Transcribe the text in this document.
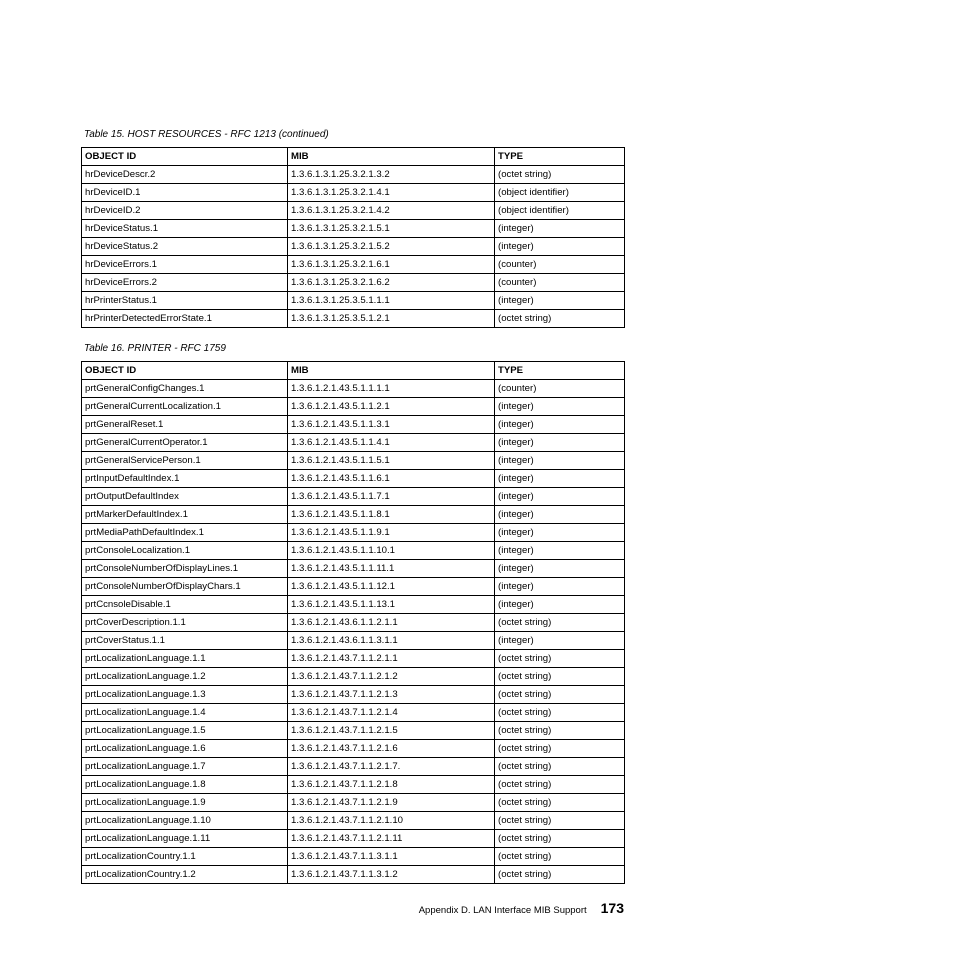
Table 15. HOST RESOURCES - RFC 1213 (continued)
OBJECT ID	MIB	TYPE
hrDeviceDescr.2	1.3.6.1.3.1.25.3.2.1.3.2	(octet string)
hrDeviceID.1	1.3.6.1.3.1.25.3.2.1.4.1	(object identifier)
hrDeviceID.2	1.3.6.1.3.1.25.3.2.1.4.2	(object identifier)
hrDeviceStatus.1	1.3.6.1.3.1.25.3.2.1.5.1	(integer)
hrDeviceStatus.2	1.3.6.1.3.1.25.3.2.1.5.2	(integer)
hrDeviceErrors.1	1.3.6.1.3.1.25.3.2.1.6.1	(counter)
hrDeviceErrors.2	1.3.6.1.3.1.25.3.2.1.6.2	(counter)
hrPrinterStatus.1	1.3.6.1.3.1.25.3.5.1.1.1	(integer)
hrPrinterDetectedErrorState.1	1.3.6.1.3.1.25.3.5.1.2.1	(octet string)
Table 16. PRINTER - RFC 1759
OBJECT ID	MIB	TYPE
prtGeneralConfigChanges.1	1.3.6.1.2.1.43.5.1.1.1.1	(counter)
prtGeneralCurrentLocalization.1	1.3.6.1.2.1.43.5.1.1.2.1	(integer)
prtGeneralReset.1	1.3.6.1.2.1.43.5.1.1.3.1	(integer)
prtGeneralCurrentOperator.1	1.3.6.1.2.1.43.5.1.1.4.1	(integer)
prtGeneralServicePerson.1	1.3.6.1.2.1.43.5.1.1.5.1	(integer)
prtInputDefaultIndex.1	1.3.6.1.2.1.43.5.1.1.6.1	(integer)
prtOutputDefaultIndex	1.3.6.1.2.1.43.5.1.1.7.1	(integer)
prtMarkerDefaultIndex.1	1.3.6.1.2.1.43.5.1.1.8.1	(integer)
prtMediaPathDefaultIndex.1	1.3.6.1.2.1.43.5.1.1.9.1	(integer)
prtConsoleLocalization.1	1.3.6.1.2.1.43.5.1.1.10.1	(integer)
prtConsoleNumberOfDisplayLines.1	1.3.6.1.2.1.43.5.1.1.11.1	(integer)
prtConsoleNumberOfDisplayChars.1	1.3.6.1.2.1.43.5.1.1.12.1	(integer)
prtCcnsoleDisable.1	1.3.6.1.2.1.43.5.1.1.13.1	(integer)
prtCoverDescription.1.1	1.3.6.1.2.1.43.6.1.1.2.1.1	(octet string)
prtCoverStatus.1.1	1.3.6.1.2.1.43.6.1.1.3.1.1	(integer)
prtLocalizationLanguage.1.1	1.3.6.1.2.1.43.7.1.1.2.1.1	(octet string)
prtLocalizationLanguage.1.2	1.3.6.1.2.1.43.7.1.1.2.1.2	(octet string)
prtLocalizationLanguage.1.3	1.3.6.1.2.1.43.7.1.1.2.1.3	(octet string)
prtLocalizationLanguage.1.4	1.3.6.1.2.1.43.7.1.1.2.1.4	(octet string)
prtLocalizationLanguage.1.5	1.3.6.1.2.1.43.7.1.1.2.1.5	(octet string)
prtLocalizationLanguage.1.6	1.3.6.1.2.1.43.7.1.1.2.1.6	(octet string)
prtLocalizationLanguage.1.7	1.3.6.1.2.1.43.7.1.1.2.1.7.	(octet string)
prtLocalizationLanguage.1.8	1.3.6.1.2.1.43.7.1.1.2.1.8	(octet string)
prtLocalizationLanguage.1.9	1.3.6.1.2.1.43.7.1.1.2.1.9	(octet string)
prtLocalizationLanguage.1.10	1.3.6.1.2.1.43.7.1.1.2.1.10	(octet string)
prtLocalizationLanguage.1.11	1.3.6.1.2.1.43.7.1.1.2.1.11	(octet string)
prtLocalizationCountry.1.1	1.3.6.1.2.1.43.7.1.1.3.1.1	(octet string)
prtLocalizationCountry.1.2	1.3.6.1.2.1.43.7.1.1.3.1.2	(octet string)
Appendix D. LAN Interface MIB Support 173
